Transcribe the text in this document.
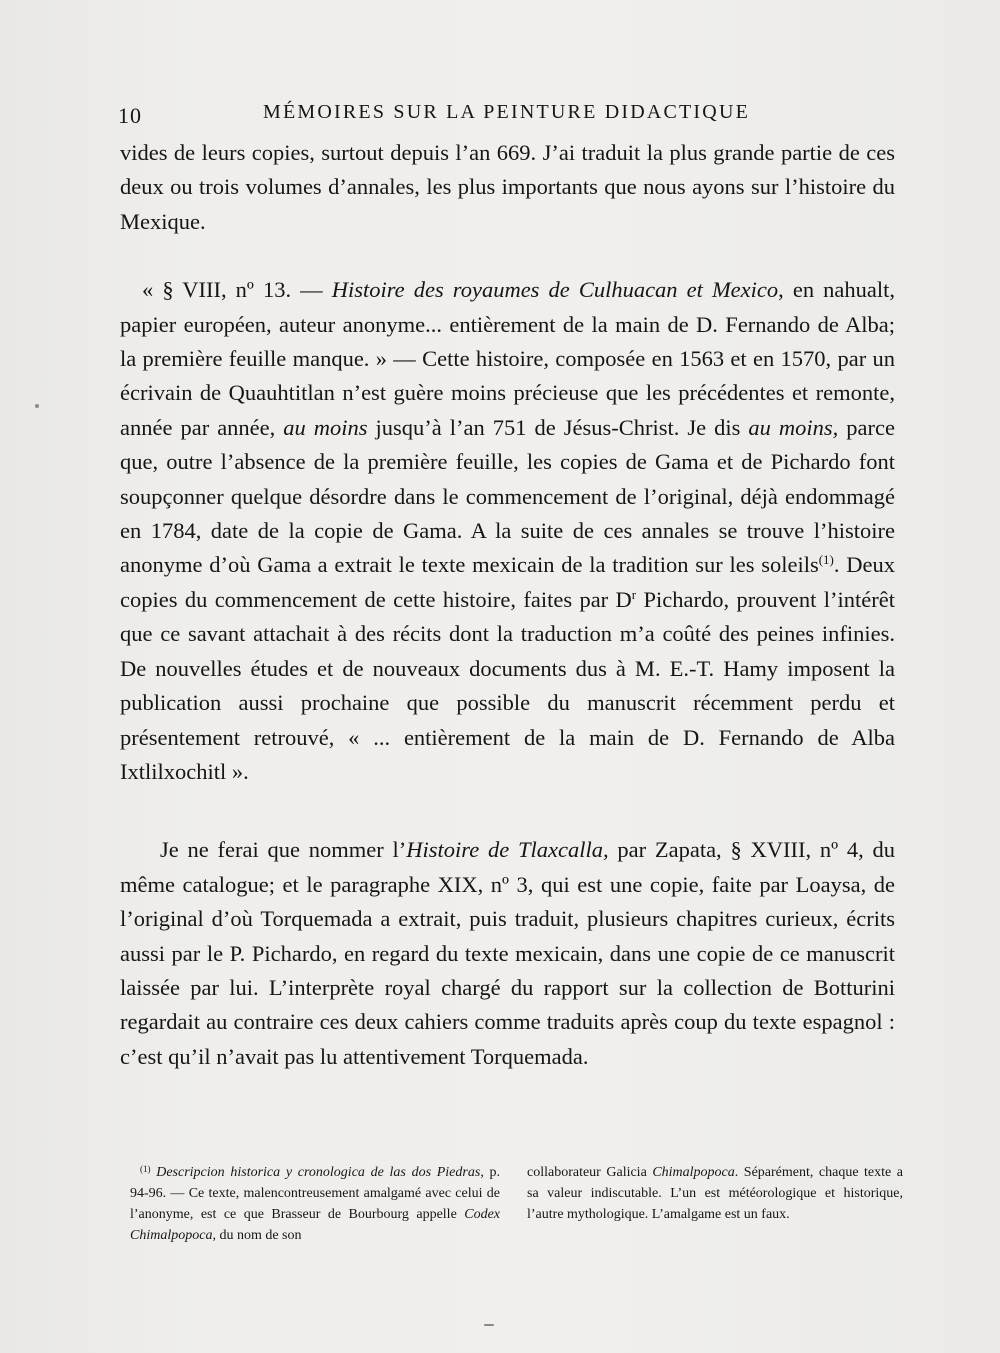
10	MÉMOIRES SUR LA PEINTURE DIDACTIQUE

vides de leurs copies, surtout depuis l’an 669. J’ai traduit la plus grande partie de ces deux ou trois volumes d’annales, les plus importants que nous ayons sur l’histoire du Mexique.

« § VIII, nº 13. — Histoire des royaumes de Culhuacan et Mexico, en nahualt, papier européen, auteur anonyme... entièrement de la main de D. Fernando de Alba; la première feuille manque. » — Cette histoire, composée en 1563 et en 1570, par un écrivain de Quauhtitlan n’est guère moins précieuse que les précédentes et remonte, année par année, au moins jusqu’à l’an 751 de Jésus-Christ. Je dis au moins, parce que, outre l’absence de la première feuille, les copies de Gama et de Pichardo font soupçonner quelque désordre dans le commencement de l’original, déjà endommagé en 1784, date de la copie de Gama. A la suite de ces annales se trouve l’histoire anonyme d’où Gama a extrait le texte mexicain de la tradition sur les soleils$^{(1)}$. Deux copies du commencement de cette histoire, faites par $D^r$ Pichardo, prouvent l’intérêt que ce savant attachait à des récits dont la traduction m’a coûté des peines infinies. De nouvelles études et de nouveaux documents dus à M. E.-T. Hamy imposent la publication aussi prochaine que possible du manuscrit récemment perdu et présentement retrouvé, « ... entièrement de la main de D. Fernando de Alba Ixtlilxochitl ».

Je ne ferai que nommer l’Histoire de Tlaxcalla, par Zapata, § XVIII, nº 4, du même catalogue; et le paragraphe XIX, nº 3, qui est une copie, faite par Loaysa, de l’original d’où Torquemada a extrait, puis traduit, plusieurs chapitres curieux, écrits aussi par le P. Pichardo, en regard du texte mexicain, dans une copie de ce manuscrit laissée par lui. L’interprète royal chargé du rapport sur la collection de Botturini regardait au contraire ces deux cahiers comme traduits après coup du texte espagnol : c’est qu’il n’avait pas lu attentivement Torquemada.

$^{(1)}$ Descripcion historica y cronologica de las dos Piedras, p. 94-96. — Ce texte, malencontreusement amalgamé avec celui de l’anonyme, est ce que Brasseur de Bourbourg appelle Codex Chimalpopoca, du nom de son
collaborateur Galicia Chimalpopoca. Séparément, chaque texte a sa valeur indiscutable. L’un est météorologique et historique, l’autre mythologique. L’amalgame est un faux.
